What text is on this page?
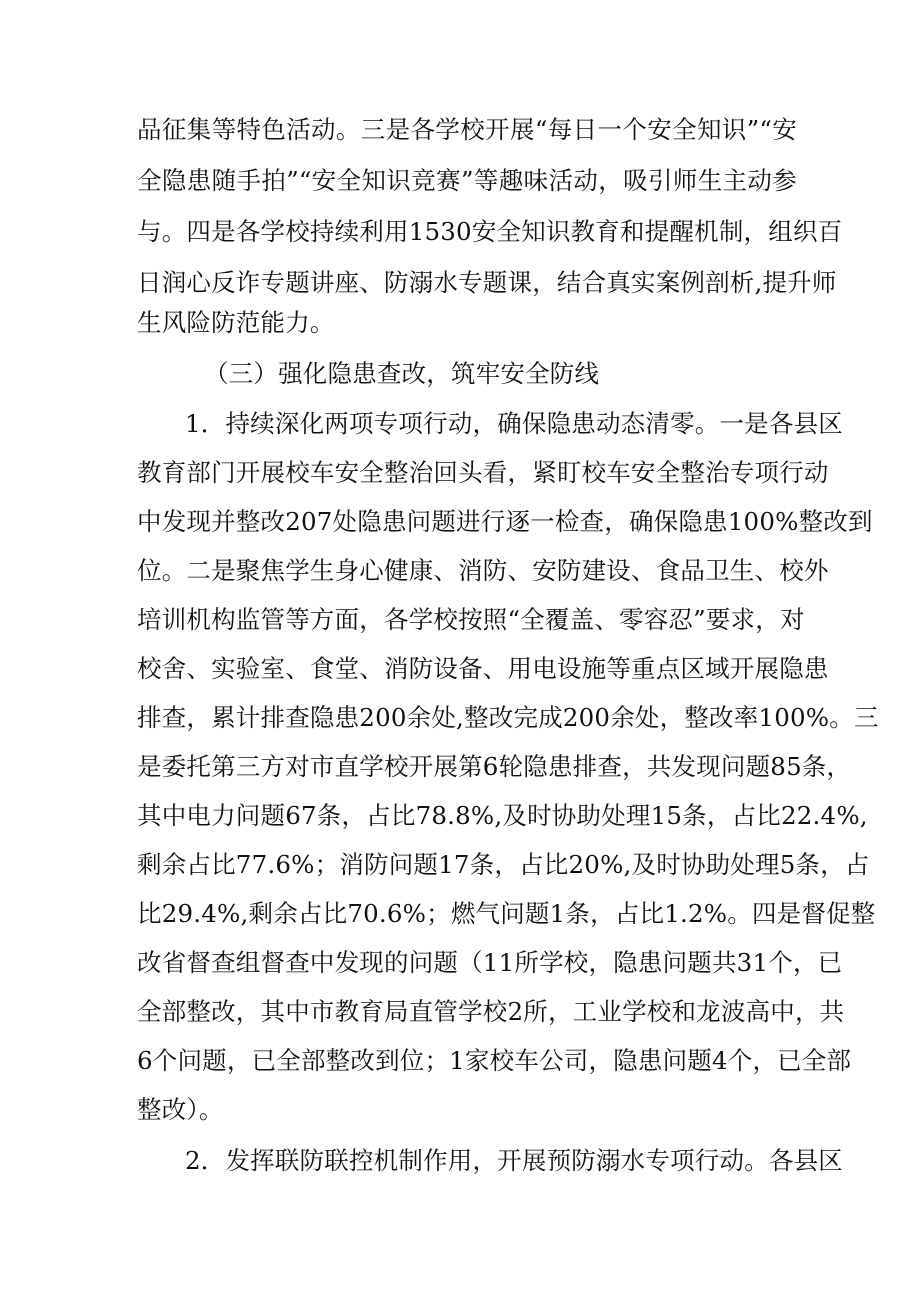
品征集等特色活动。三是各学校开展“每日一个安全知识”“安
全隐患随手拍”“安全知识竞赛”等趣味活动，吸引师生主动参
与。四是各学校持续利用1530安全知识教育和提醒机制，组织百
日润心反诈专题讲座、防溺水专题课，结合真实案例剖析,提升师
生风险防范能力。
（三）强化隐患查改，筑牢安全防线
1．持续深化两项专项行动，确保隐患动态清零。一是各县区
教育部门开展校车安全整治回头看，紧盯校车安全整治专项行动
中发现并整改207处隐患问题进行逐一检查，确保隐患100%整改到
位。二是聚焦学生身心健康、消防、安防建设、食品卫生、校外
培训机构监管等方面，各学校按照“全覆盖、零容忍”要求，对
校舍、实验室、食堂、消防设备、用电设施等重点区域开展隐患
排查，累计排查隐患200余处,整改完成200余处，整改率100%。三
是委托第三方对市直学校开展第6轮隐患排查，共发现问题85条，
其中电力问题67条，占比78.8%,及时协助处理15条，占比22.4%,
剩余占比77.6%；消防问题17条，占比20%,及时协助处理5条，占
比29.4%,剩余占比70.6%；燃气问题1条，占比1.2%。四是督促整
改省督查组督查中发现的问题（11所学校，隐患问题共31个，已
全部整改，其中市教育局直管学校2所，工业学校和龙波高中，共
6个问题，已全部整改到位；1家校车公司，隐患问题4个，已全部
整改）。
2．发挥联防联控机制作用，开展预防溺水专项行动。各县区
